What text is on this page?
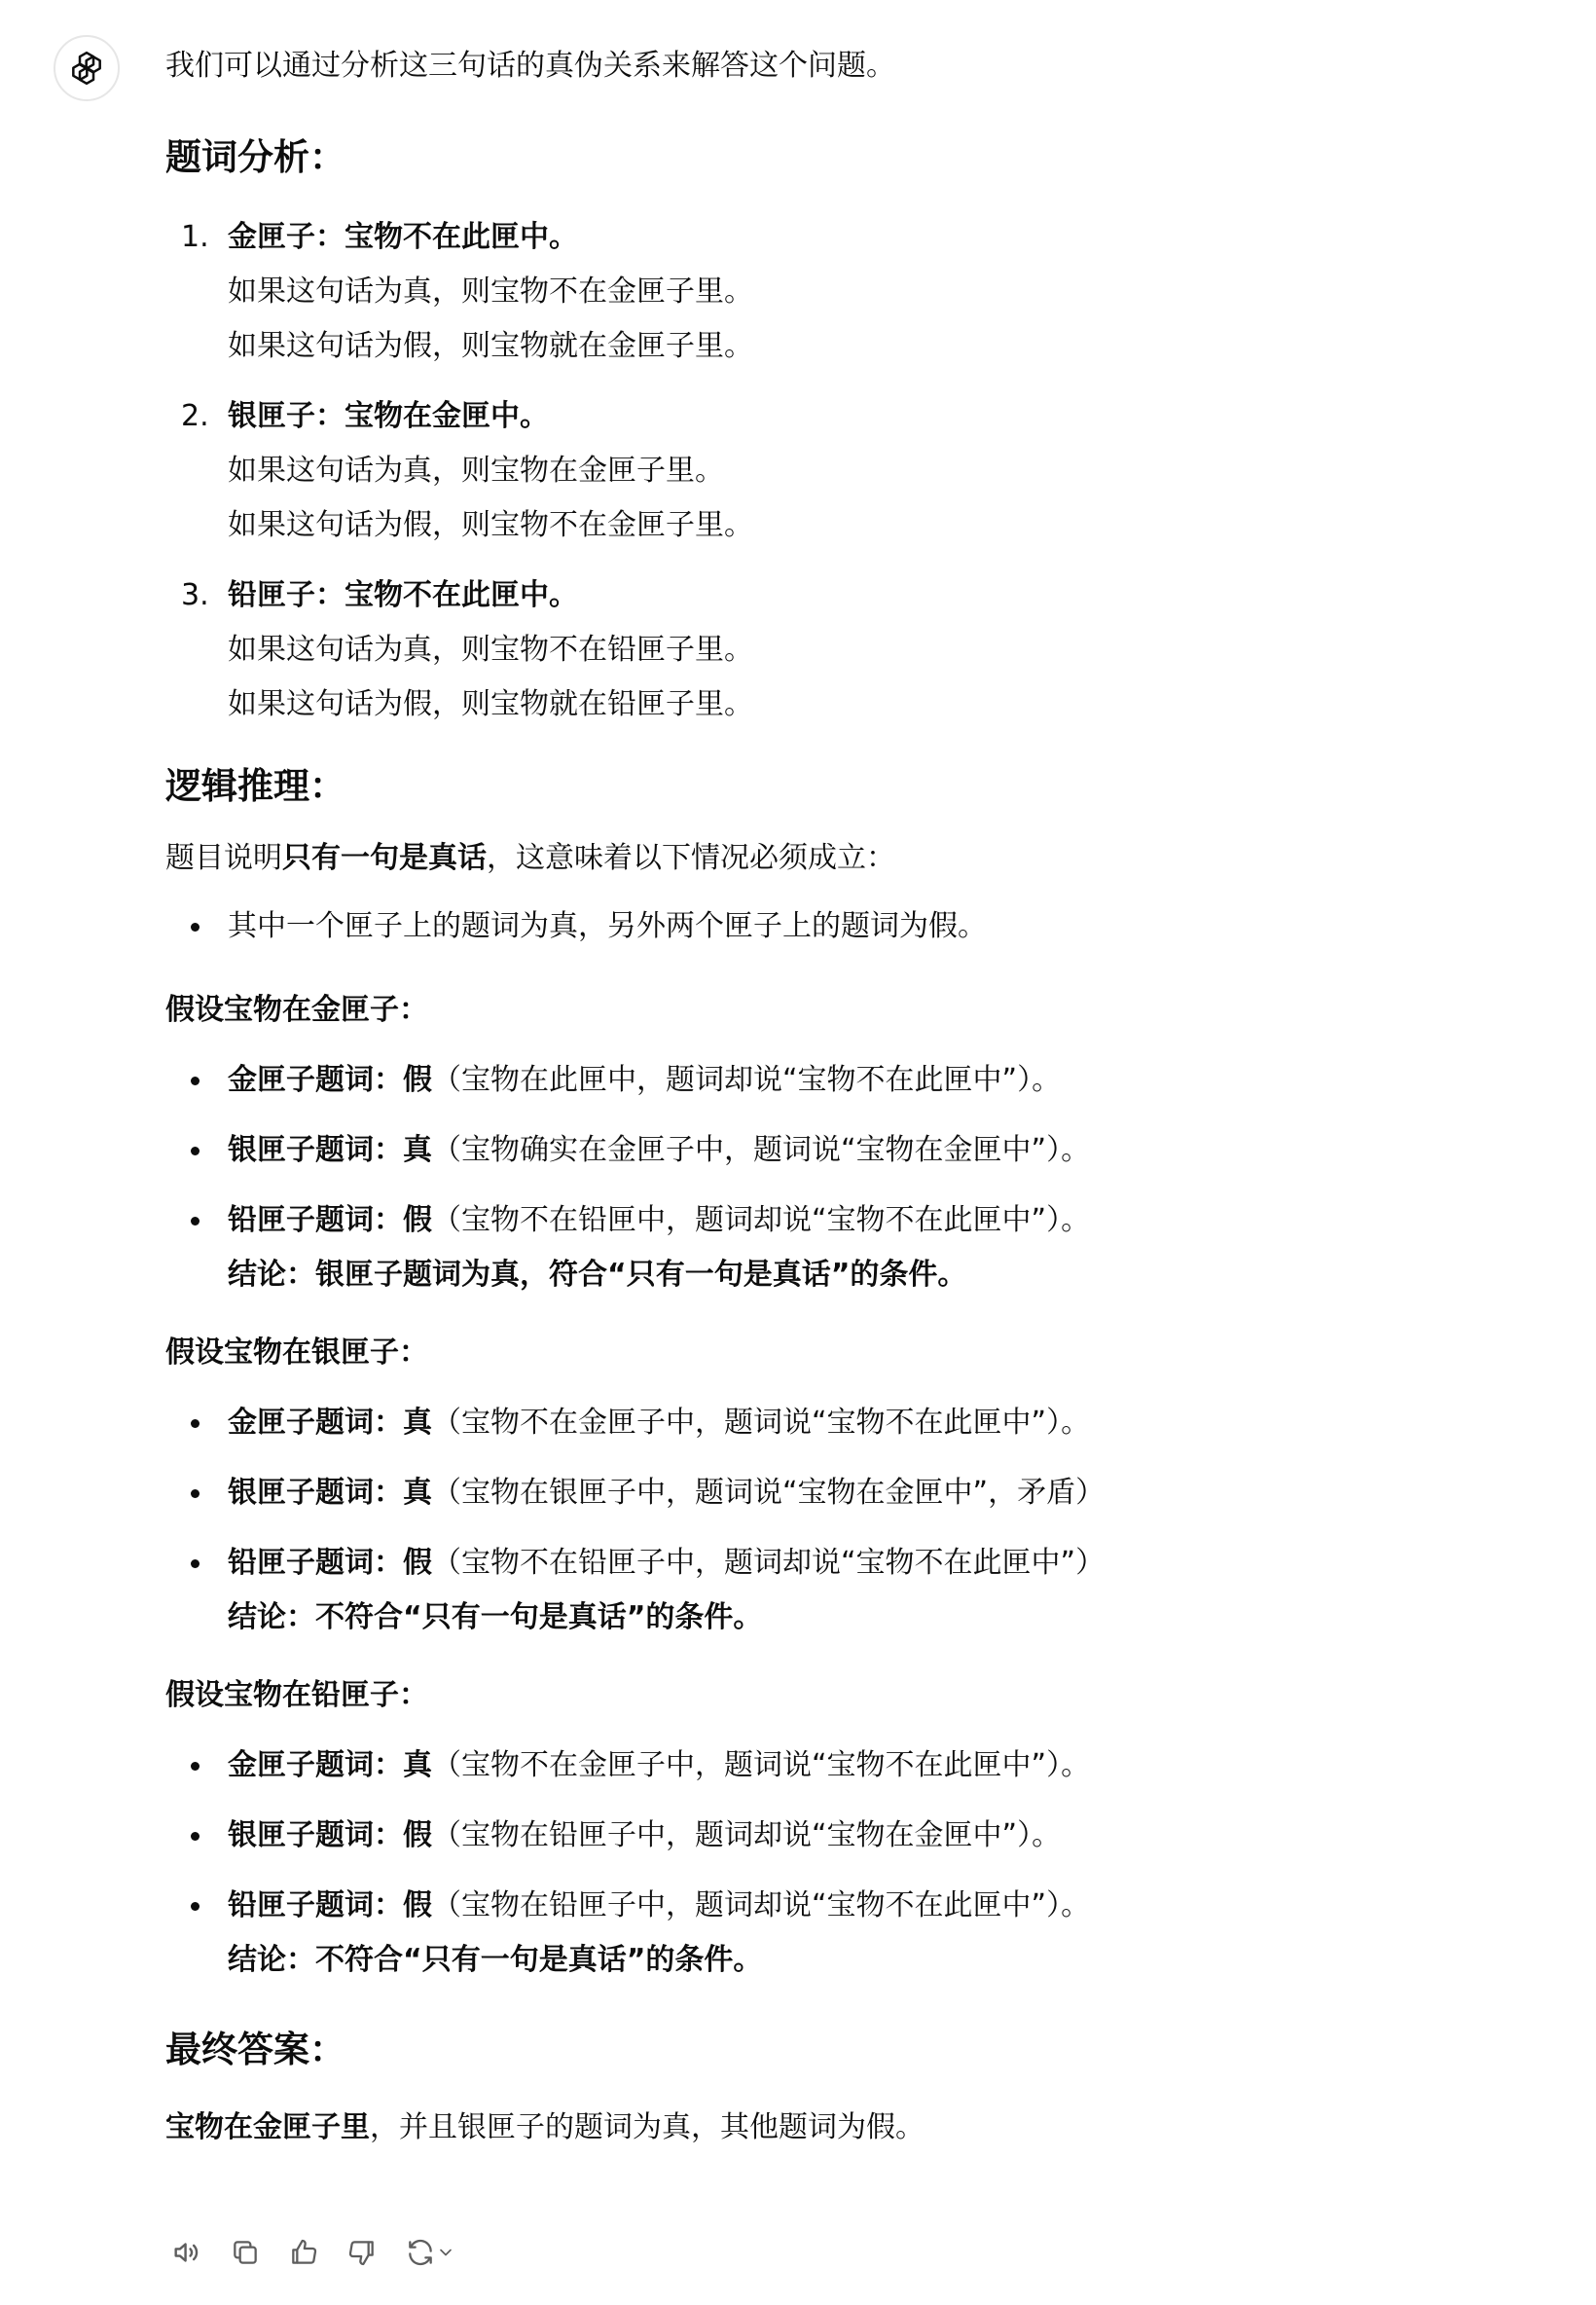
我们可以通过分析这三句话的真伪关系来解答这个问题。

题词分析：
1. 金匣子：宝物不在此匣中。
如果这句话为真，则宝物不在金匣子里。
如果这句话为假，则宝物就在金匣子里。
2. 银匣子：宝物在金匣中。
如果这句话为真，则宝物在金匣子里。
如果这句话为假，则宝物不在金匣子里。
3. 铅匣子：宝物不在此匣中。
如果这句话为真，则宝物不在铅匣子里。
如果这句话为假，则宝物就在铅匣子里。
逻辑推理：

题目说明只有一句是真话，这意味着以下情况必须成立：

其中一个匣子上的题词为真，另外两个匣子上的题词为假。

假设宝物在金匣子：

金匣子题词：假（宝物在此匣中，题词却说“宝物不在此匣中”）。
银匣子题词：真（宝物确实在金匣子中，题词说“宝物在金匣中”）。
铅匣子题词：假（宝物不在铅匣中，题词却说“宝物不在此匣中”）。
结论：银匣子题词为真，符合“只有一句是真话”的条件。

假设宝物在银匣子：

金匣子题词：真（宝物不在金匣子中，题词说“宝物不在此匣中”）。
银匣子题词：真（宝物在银匣子中，题词说“宝物在金匣中”，矛盾）
铅匣子题词：假（宝物不在铅匣子中，题词却说“宝物不在此匣中”）
结论：不符合“只有一句是真话”的条件。

假设宝物在铅匣子：

金匣子题词：真（宝物不在金匣子中，题词说“宝物不在此匣中”）。
银匣子题词：假（宝物在铅匣子中，题词却说“宝物在金匣中”）。
铅匣子题词：假（宝物在铅匣子中，题词却说“宝物不在此匣中”）。
结论：不符合“只有一句是真话”的条件。
最终答案：

宝物在金匣子里，并且银匣子的题词为真，其他题词为假。
